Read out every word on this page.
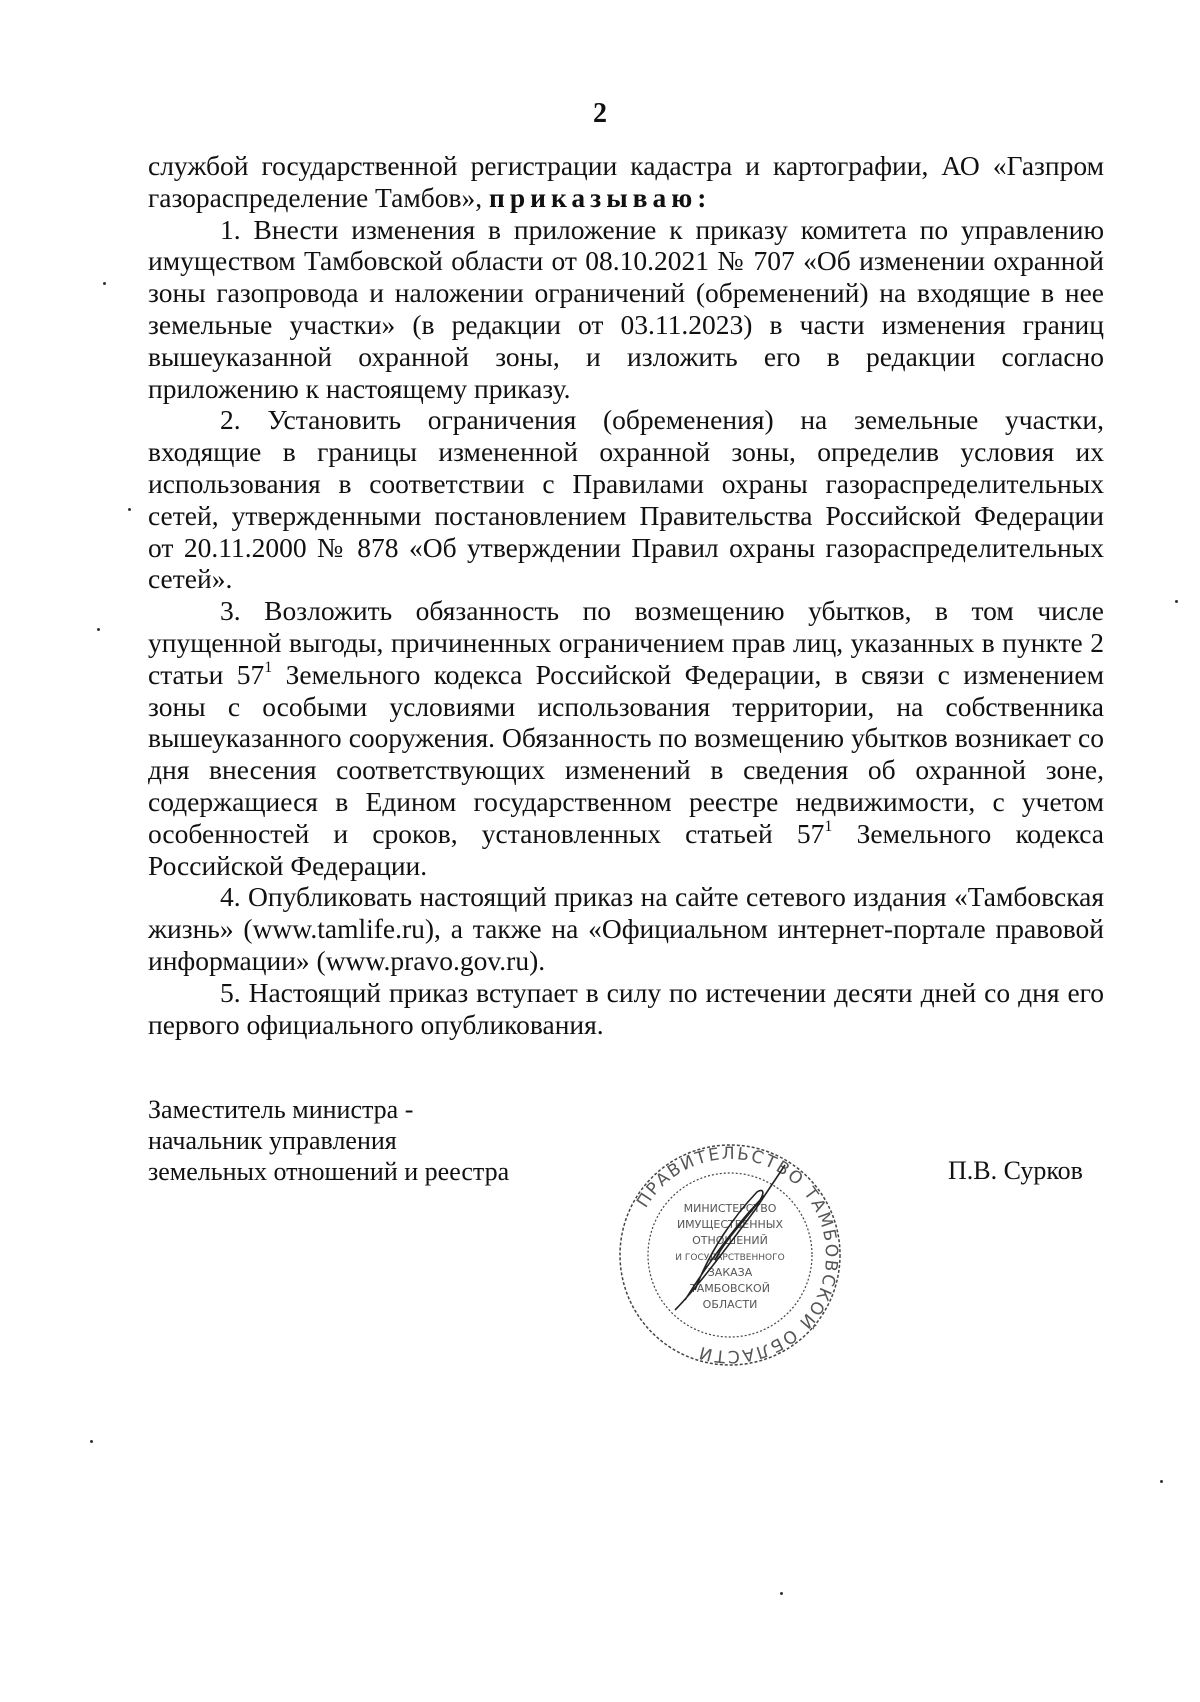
2

службой государственной регистрации кадастра и картографии, АО «Газпром газораспределение Тамбов», приказываю:

1. Внести изменения в приложение к приказу комитета по управлению имуществом Тамбовской области от 08.10.2021 № 707 «Об изменении охранной зоны газопровода и наложении ограничений (обременений) на входящие в нее земельные участки» (в редакции от 03.11.2023) в части изменения границ вышеуказанной охранной зоны, и изложить его в редакции согласно приложению к настоящему приказу.

2. Установить ограничения (обременения) на земельные участки, входящие в границы измененной охранной зоны, определив условия их использования в соответствии с Правилами охраны газораспределительных сетей, утвержденными постановлением Правительства Российской Федерации от 20.11.2000 № 878 «Об утверждении Правил охраны газораспределительных сетей».

3. Возложить обязанность по возмещению убытков, в том числе упущенной выгоды, причиненных ограничением прав лиц, указанных в пункте 2 статьи $57^1$ Земельного кодекса Российской Федерации, в связи с изменением зоны с особыми условиями использования территории, на собственника вышеуказанного сооружения. Обязанность по возмещению убытков возникает со дня внесения соответствующих изменений в сведения об охранной зоне, содержащиеся в Едином государственном реестре недвижимости, с учетом особенностей и сроков, установленных статьей $57^1$ Земельного кодекса Российской Федерации.

4. Опубликовать настоящий приказ на сайте сетевого издания «Тамбовская жизнь» (www.tamlife.ru), а также на «Официальном интернет-портале правовой информации» (www.pravo.gov.ru).

5. Настоящий приказ вступает в силу по истечении десяти дней со дня его первого официального опубликования.

Заместитель министра -
начальник управления
земельных отношений и реестра	П.В. Сурков
ПРАВИТЕЛЬСТВО ТАМБОВСКОЙ ОБЛАСТИ
МИНИСТЕРСТВО
ИМУЩЕСТВЕННЫХ
ОТНОШЕНИЙ
И ГОСУДАРСТВЕННОГО
ЗАКАЗА
ТАМБОВСКОЙ
ОБЛАСТИ
